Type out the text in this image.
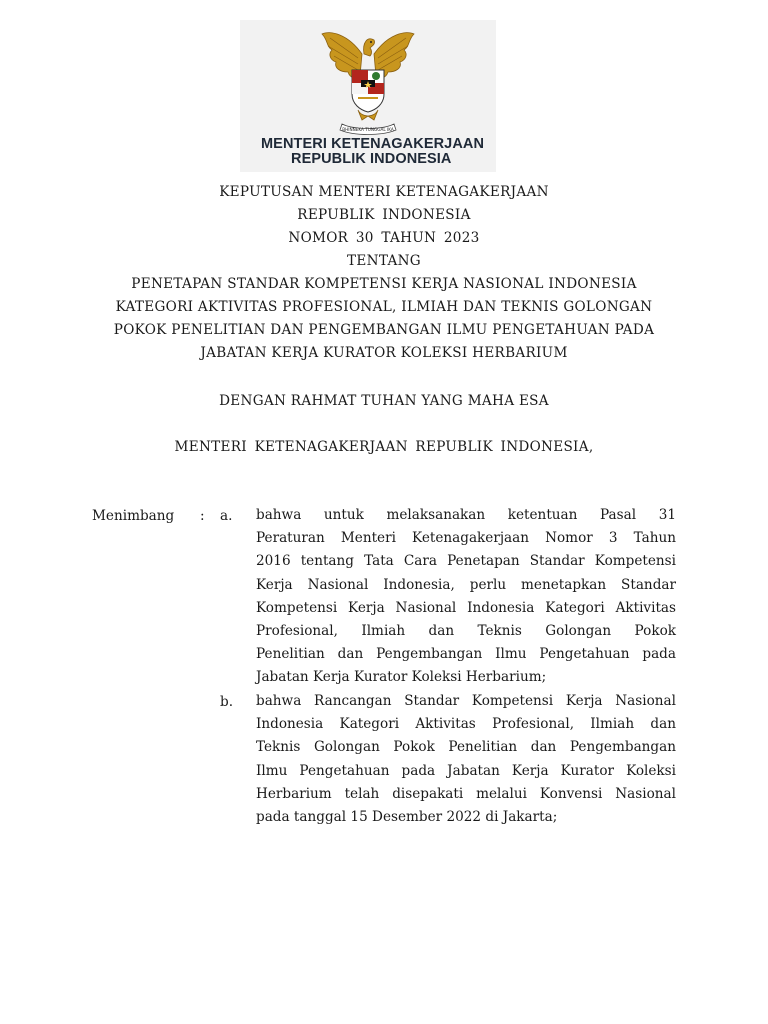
BHINNEKA TUNGGAL IKA
MENTERI KETENAGAKERJAAN
REPUBLIK INDONESIA
KEPUTUSAN MENTERI KETENAGAKERJAAN
REPUBLIK INDONESIA
NOMOR 30 TAHUN 2023
TENTANG
PENETAPAN STANDAR KOMPETENSI KERJA NASIONAL INDONESIA
KATEGORI AKTIVITAS PROFESIONAL, ILMIAH DAN TEKNIS GOLONGAN
POKOK PENELITIAN DAN PENGEMBANGAN ILMU PENGETAHUAN PADA
JABATAN KERJA KURATOR KOLEKSI HERBARIUM
DENGAN RAHMAT TUHAN YANG MAHA ESA
MENTERI KETENAGAKERJAAN REPUBLIK INDONESIA,
Menimbang : a. bahwa untuk melaksanakan ketentuan Pasal 31
Peraturan Menteri Ketenagakerjaan Nomor 3 Tahun
2016 tentang Tata Cara Penetapan Standar Kompetensi
Kerja Nasional Indonesia, perlu menetapkan Standar
Kompetensi Kerja Nasional Indonesia Kategori Aktivitas
Profesional, Ilmiah dan Teknis Golongan Pokok
Penelitian dan Pengembangan Ilmu Pengetahuan pada
Jabatan Kerja Kurator Koleksi Herbarium;
b. bahwa Rancangan Standar Kompetensi Kerja Nasional
Indonesia Kategori Aktivitas Profesional, Ilmiah dan
Teknis Golongan Pokok Penelitian dan Pengembangan
Ilmu Pengetahuan pada Jabatan Kerja Kurator Koleksi
Herbarium telah disepakati melalui Konvensi Nasional
pada tanggal 15 Desember 2022 di Jakarta;
